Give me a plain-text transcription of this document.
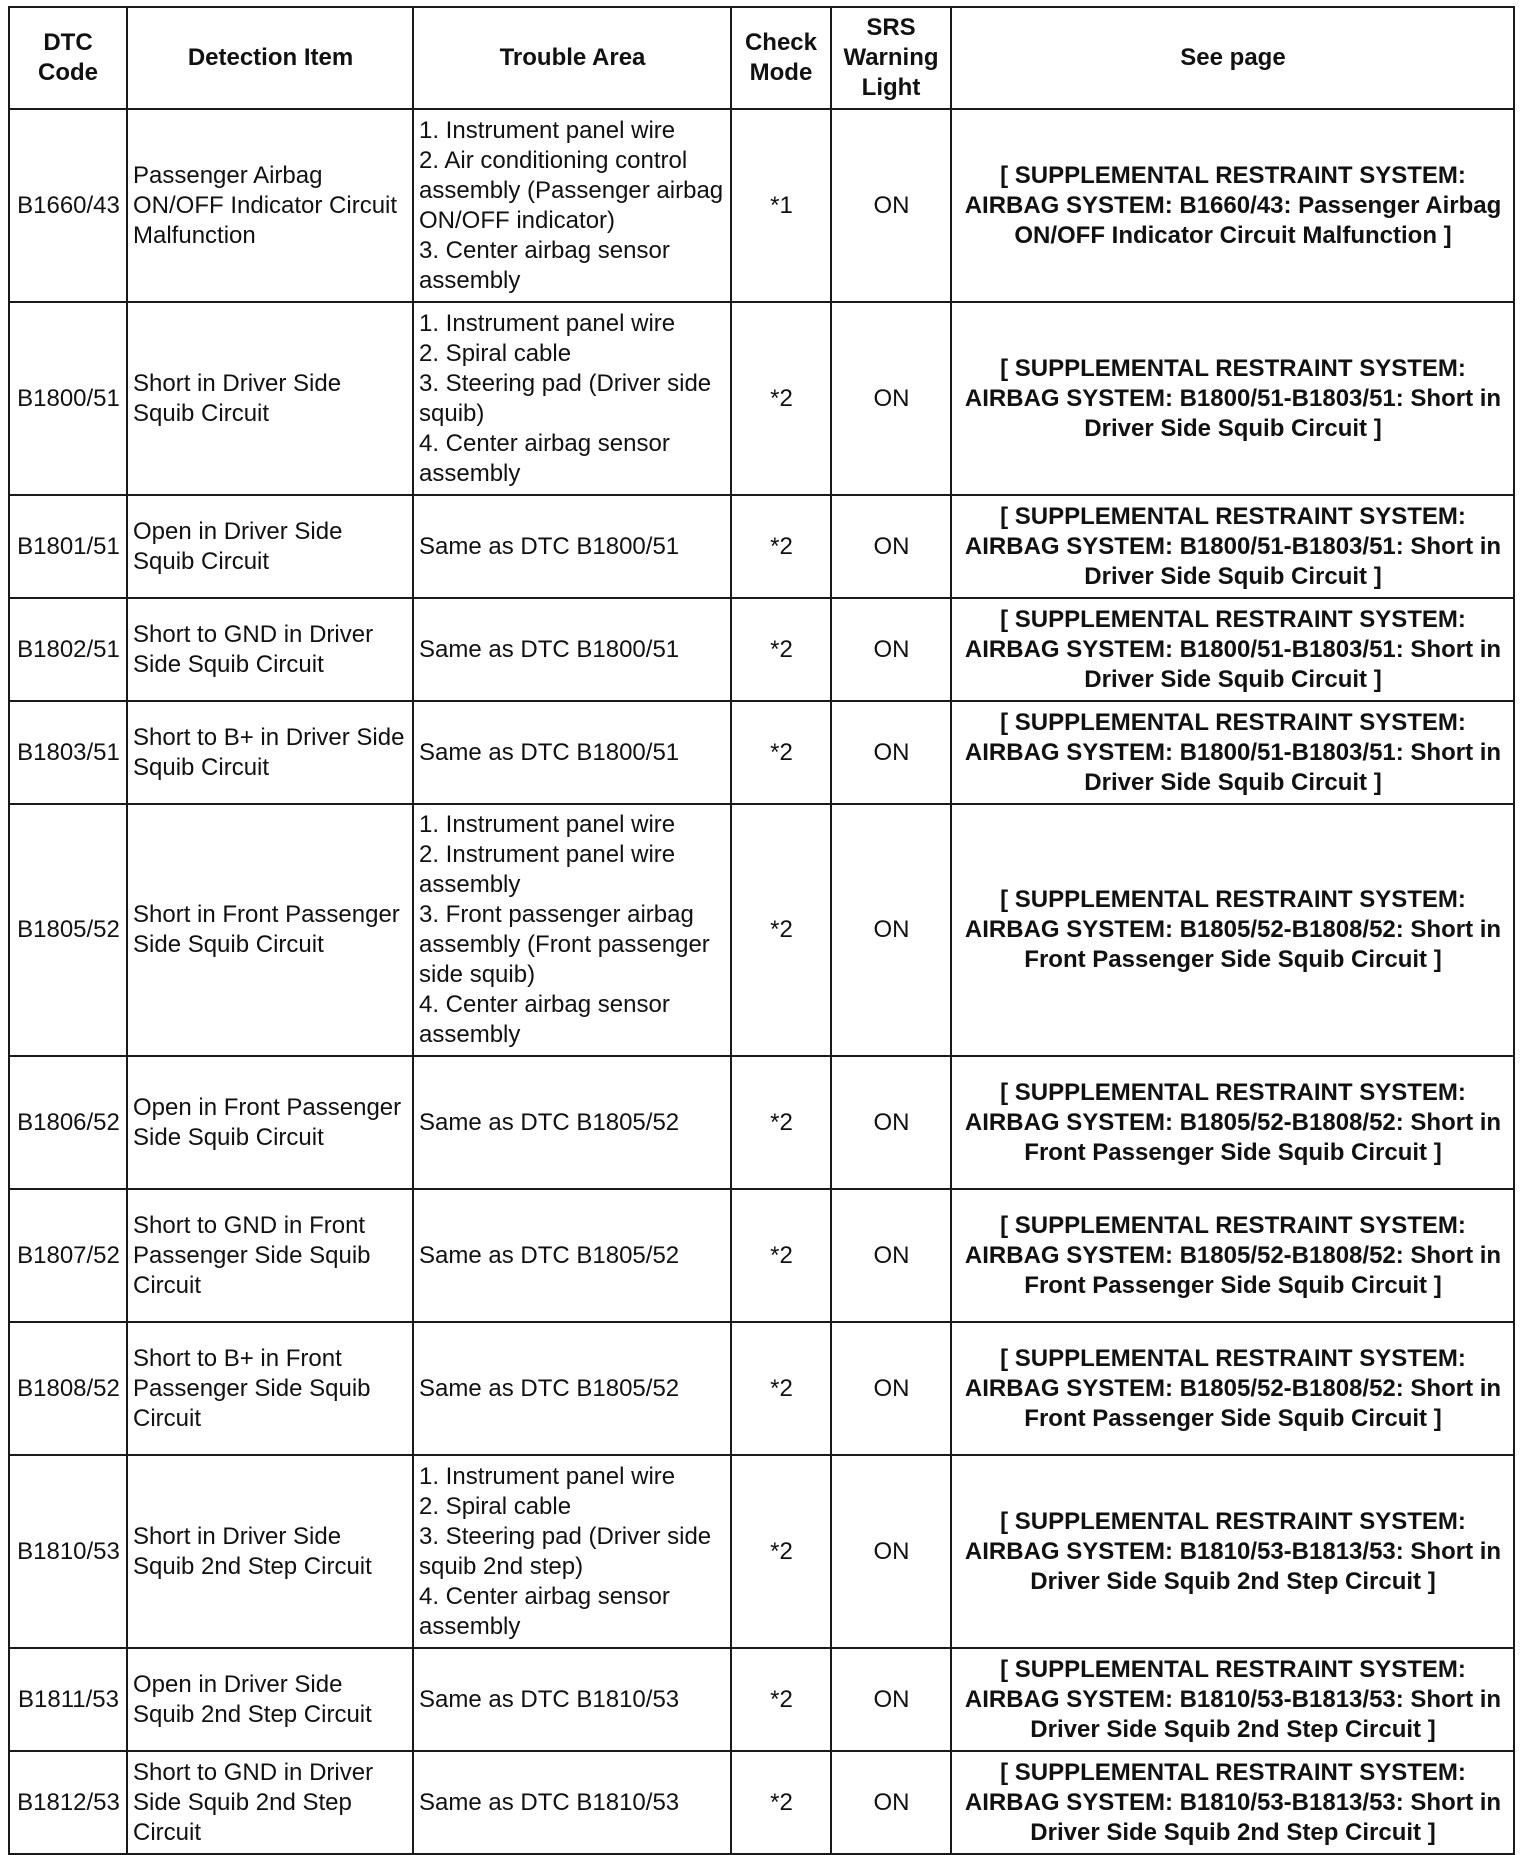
DTC Code	Detection Item	Trouble Area	Check Mode	SRS Warning Light	See page
B1660/43	Passenger Airbag ON/OFF Indicator Circuit Malfunction	1. Instrument panel wire
2. Air conditioning control assembly (Passenger airbag ON/OFF indicator)
3. Center airbag sensor assembly	*1	ON	[ SUPPLEMENTAL RESTRAINT SYSTEM: AIRBAG SYSTEM: B1660/43: Passenger Airbag ON/OFF Indicator Circuit Malfunction ]
B1800/51	Short in Driver Side Squib Circuit	1. Instrument panel wire
2. Spiral cable
3. Steering pad (Driver side squib)
4. Center airbag sensor assembly	*2	ON	[ SUPPLEMENTAL RESTRAINT SYSTEM: AIRBAG SYSTEM: B1800/51-B1803/51: Short in Driver Side Squib Circuit ]
B1801/51	Open in Driver Side Squib Circuit	Same as DTC B1800/51	*2	ON	[ SUPPLEMENTAL RESTRAINT SYSTEM: AIRBAG SYSTEM: B1800/51-B1803/51: Short in Driver Side Squib Circuit ]
B1802/51	Short to GND in Driver Side Squib Circuit	Same as DTC B1800/51	*2	ON	[ SUPPLEMENTAL RESTRAINT SYSTEM: AIRBAG SYSTEM: B1800/51-B1803/51: Short in Driver Side Squib Circuit ]
B1803/51	Short to B+ in Driver Side Squib Circuit	Same as DTC B1800/51	*2	ON	[ SUPPLEMENTAL RESTRAINT SYSTEM: AIRBAG SYSTEM: B1800/51-B1803/51: Short in Driver Side Squib Circuit ]
B1805/52	Short in Front Passenger Side Squib Circuit	1. Instrument panel wire
2. Instrument panel wire assembly
3. Front passenger airbag assembly (Front passenger side squib)
4. Center airbag sensor assembly	*2	ON	[ SUPPLEMENTAL RESTRAINT SYSTEM: AIRBAG SYSTEM: B1805/52-B1808/52: Short in Front Passenger Side Squib Circuit ]
B1806/52	Open in Front Passenger Side Squib Circuit	Same as DTC B1805/52	*2	ON	[ SUPPLEMENTAL RESTRAINT SYSTEM: AIRBAG SYSTEM: B1805/52-B1808/52: Short in Front Passenger Side Squib Circuit ]
B1807/52	Short to GND in Front Passenger Side Squib Circuit	Same as DTC B1805/52	*2	ON	[ SUPPLEMENTAL RESTRAINT SYSTEM: AIRBAG SYSTEM: B1805/52-B1808/52: Short in Front Passenger Side Squib Circuit ]
B1808/52	Short to B+ in Front Passenger Side Squib Circuit	Same as DTC B1805/52	*2	ON	[ SUPPLEMENTAL RESTRAINT SYSTEM: AIRBAG SYSTEM: B1805/52-B1808/52: Short in Front Passenger Side Squib Circuit ]
B1810/53	Short in Driver Side Squib 2nd Step Circuit	1. Instrument panel wire
2. Spiral cable
3. Steering pad (Driver side squib 2nd step)
4. Center airbag sensor assembly	*2	ON	[ SUPPLEMENTAL RESTRAINT SYSTEM: AIRBAG SYSTEM: B1810/53-B1813/53: Short in Driver Side Squib 2nd Step Circuit ]
B1811/53	Open in Driver Side Squib 2nd Step Circuit	Same as DTC B1810/53	*2	ON	[ SUPPLEMENTAL RESTRAINT SYSTEM: AIRBAG SYSTEM: B1810/53-B1813/53: Short in Driver Side Squib 2nd Step Circuit ]
B1812/53	Short to GND in Driver Side Squib 2nd Step Circuit	Same as DTC B1810/53	*2	ON	[ SUPPLEMENTAL RESTRAINT SYSTEM: AIRBAG SYSTEM: B1810/53-B1813/53: Short in Driver Side Squib 2nd Step Circuit ]
